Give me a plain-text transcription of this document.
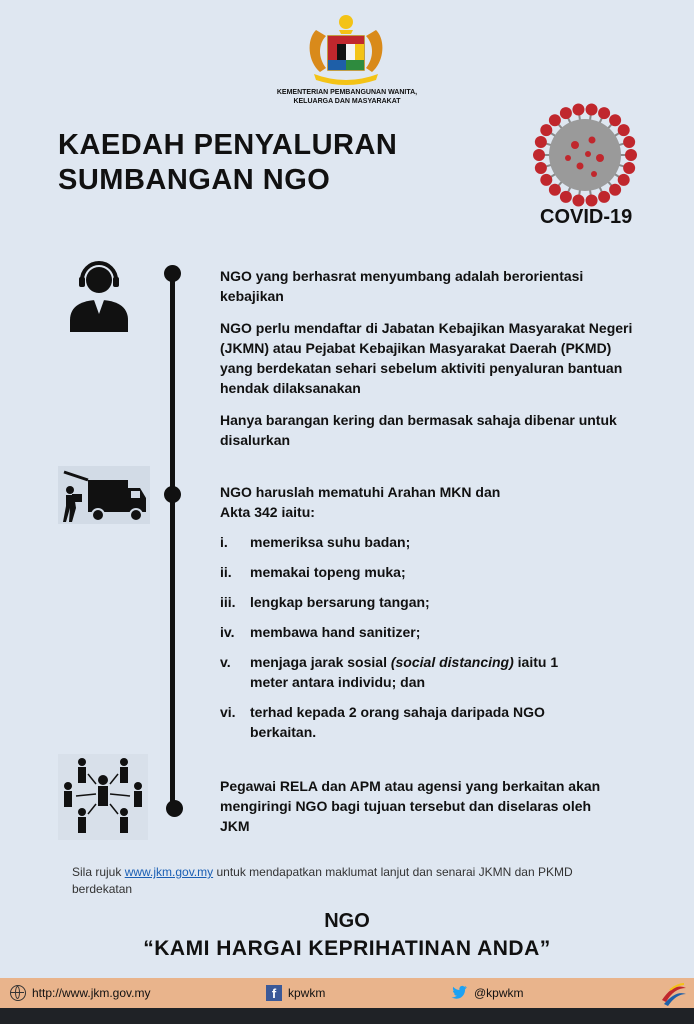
KEMENTERIAN PEMBANGUNAN WANITA,
KELUARGA DAN MASYARAKAT
KAEDAH PENYALURAN
SUMBANGAN NGO
COVID-19

NGO yang berhasrat menyumbang adalah berorientasi kebajikan

NGO perlu mendaftar di Jabatan Kebajikan Masyarakat Negeri (JKMN) atau Pejabat Kebajikan Masyarakat Daerah (PKMD) yang berdekatan sehari sebelum aktiviti penyaluran bantuan hendak dilaksanakan

Hanya barangan kering dan bermasak sahaja dibenar untuk disalurkan

NGO haruslah mematuhi Arahan MKN dan
Akta 342 iaitu:
i. memeriksa suhu badan;
ii. memakai topeng muka;
iii. lengkap bersarung tangan;
iv. membawa hand sanitizer;
v. menjaga jarak sosial (social distancing) iaitu 1 meter antara individu; dan
vi. terhad kepada 2 orang sahaja daripada NGO berkaitan.

Pegawai RELA dan APM atau agensi yang berkaitan akan mengiringi NGO bagi tujuan tersebut dan diselaras oleh JKM

Sila rujuk www.jkm.gov.my untuk mendapatkan maklumat lanjut dan senarai JKMN dan PKMD berdekatan
NGO
“KAMI HARGAI KEPRIHATINAN ANDA”
http://www.jkm.gov.my	f kpwkm	@kpwkm
